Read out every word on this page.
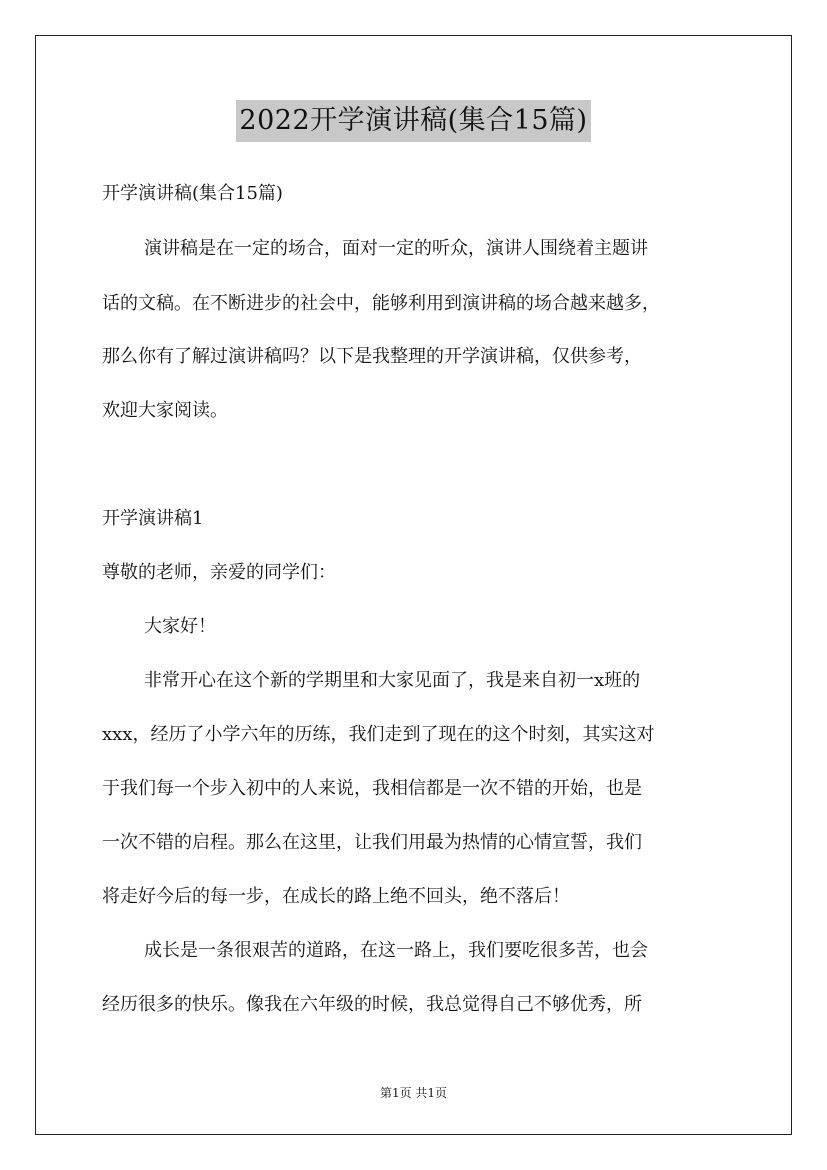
2022开学演讲稿(集合15篇)
开学演讲稿(集合15篇)
演讲稿是在一定的场合，面对一定的听众，演讲人围绕着主题讲
话的文稿。在不断进步的社会中，能够利用到演讲稿的场合越来越多，
那么你有了解过演讲稿吗？以下是我整理的开学演讲稿，仅供参考，
欢迎大家阅读。
开学演讲稿1
尊敬的老师，亲爱的同学们：
大家好！
非常开心在这个新的学期里和大家见面了，我是来自初一x班的
xxx，经历了小学六年的历练，我们走到了现在的这个时刻，其实这对
于我们每一个步入初中的人来说，我相信都是一次不错的开始，也是
一次不错的启程。那么在这里，让我们用最为热情的心情宣誓，我们
将走好今后的每一步，在成长的路上绝不回头，绝不落后！
成长是一条很艰苦的道路，在这一路上，我们要吃很多苦，也会
经历很多的快乐。像我在六年级的时候，我总觉得自己不够优秀，所
第1页 共1页
